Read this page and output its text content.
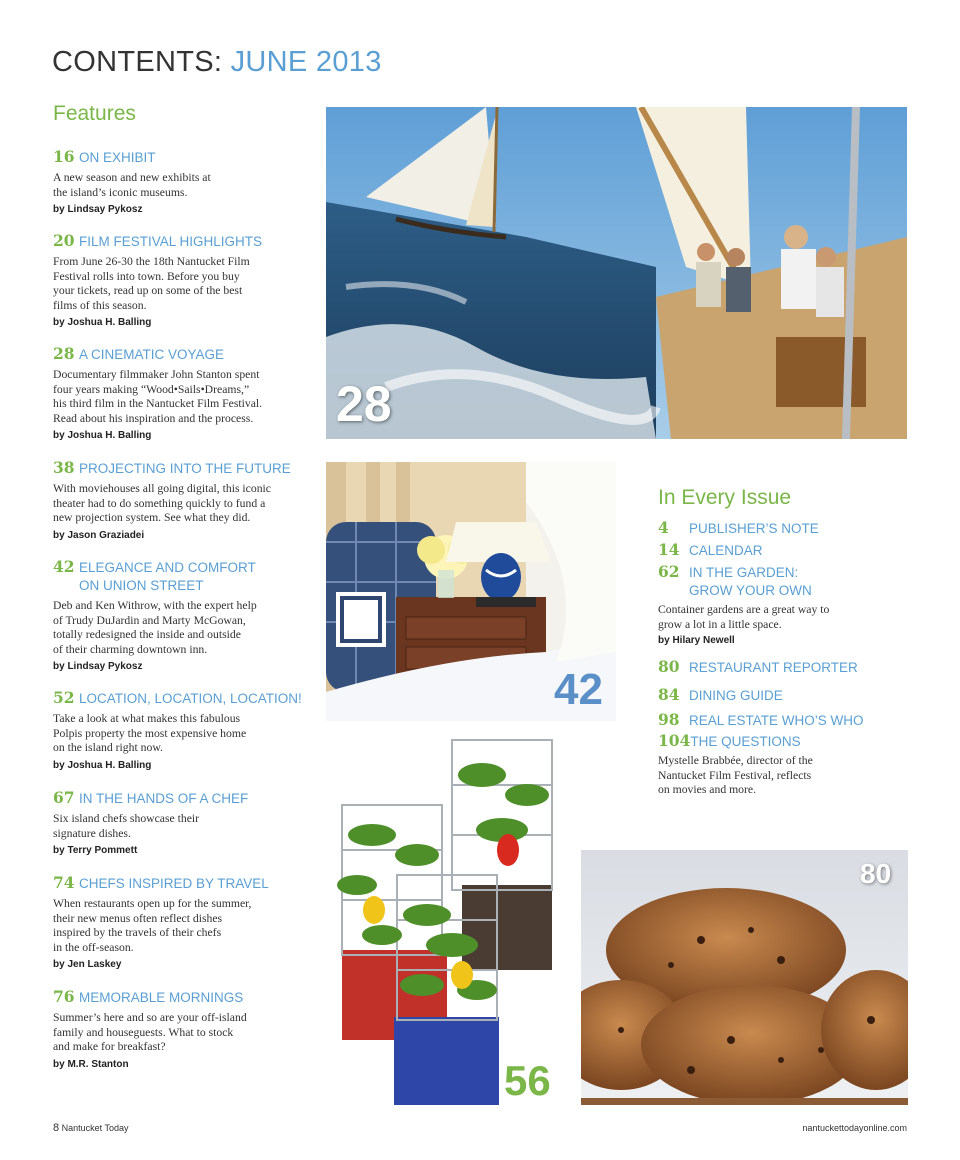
CONTENTS: JUNE 2013
Features
16 ON EXHIBIT
A new season and new exhibits at
the island’s iconic museums.
by Lindsay Pykosz
20 FILM FESTIVAL HIGHLIGHTS
From June 26-30 the 18th Nantucket Film
Festival rolls into town. Before you buy
your tickets, read up on some of the best
films of this season.
by Joshua H. Balling
28 A CINEMATIC VOYAGE
Documentary filmmaker John Stanton spent
four years making “Wood•Sails•Dreams,”
his third film in the Nantucket Film Festival.
Read about his inspiration and the process.
by Joshua H. Balling
38 PROJECTING INTO THE FUTURE
With moviehouses all going digital, this iconic
theater had to do something quickly to fund a
new projection system. See what they did.
by Jason Graziadei
42 ELEGANCE AND COMFORT
ON UNION STREET
Deb and Ken Withrow, with the expert help
of Trudy DuJardin and Marty McGowan,
totally redesigned the inside and outside
of their charming downtown inn.
by Lindsay Pykosz
52 LOCATION, LOCATION, LOCATION!
Take a look at what makes this fabulous
Polpis property the most expensive home
on the island right now.
by Joshua H. Balling
67 IN THE HANDS OF A CHEF
Six island chefs showcase their
signature dishes.
by Terry Pommett
74 CHEFS INSPIRED BY TRAVEL
When restaurants open up for the summer,
their new menus often reflect dishes
inspired by the travels of their chefs
in the off-season.
by Jen Laskey
76 MEMORABLE MORNINGS
Summer’s here and so are your off-island
family and houseguests. What to stock
and make for breakfast?
by M.R. Stanton
28
42
In Every Issue
4 PUBLISHER’S NOTE
14 CALENDAR
62 IN THE GARDEN:
GROW YOUR OWN
Container gardens are a great way to
grow a lot in a little space.
by Hilary Newell
80 RESTAURANT REPORTER
84 DINING GUIDE
98 REAL ESTATE WHO’S WHO
104THE QUESTIONS
Mystelle Brabbée, director of the
Nantucket Film Festival, reflects
on movies and more.
56
80
8 Nantucket Today	nantuckettodayonline.com
